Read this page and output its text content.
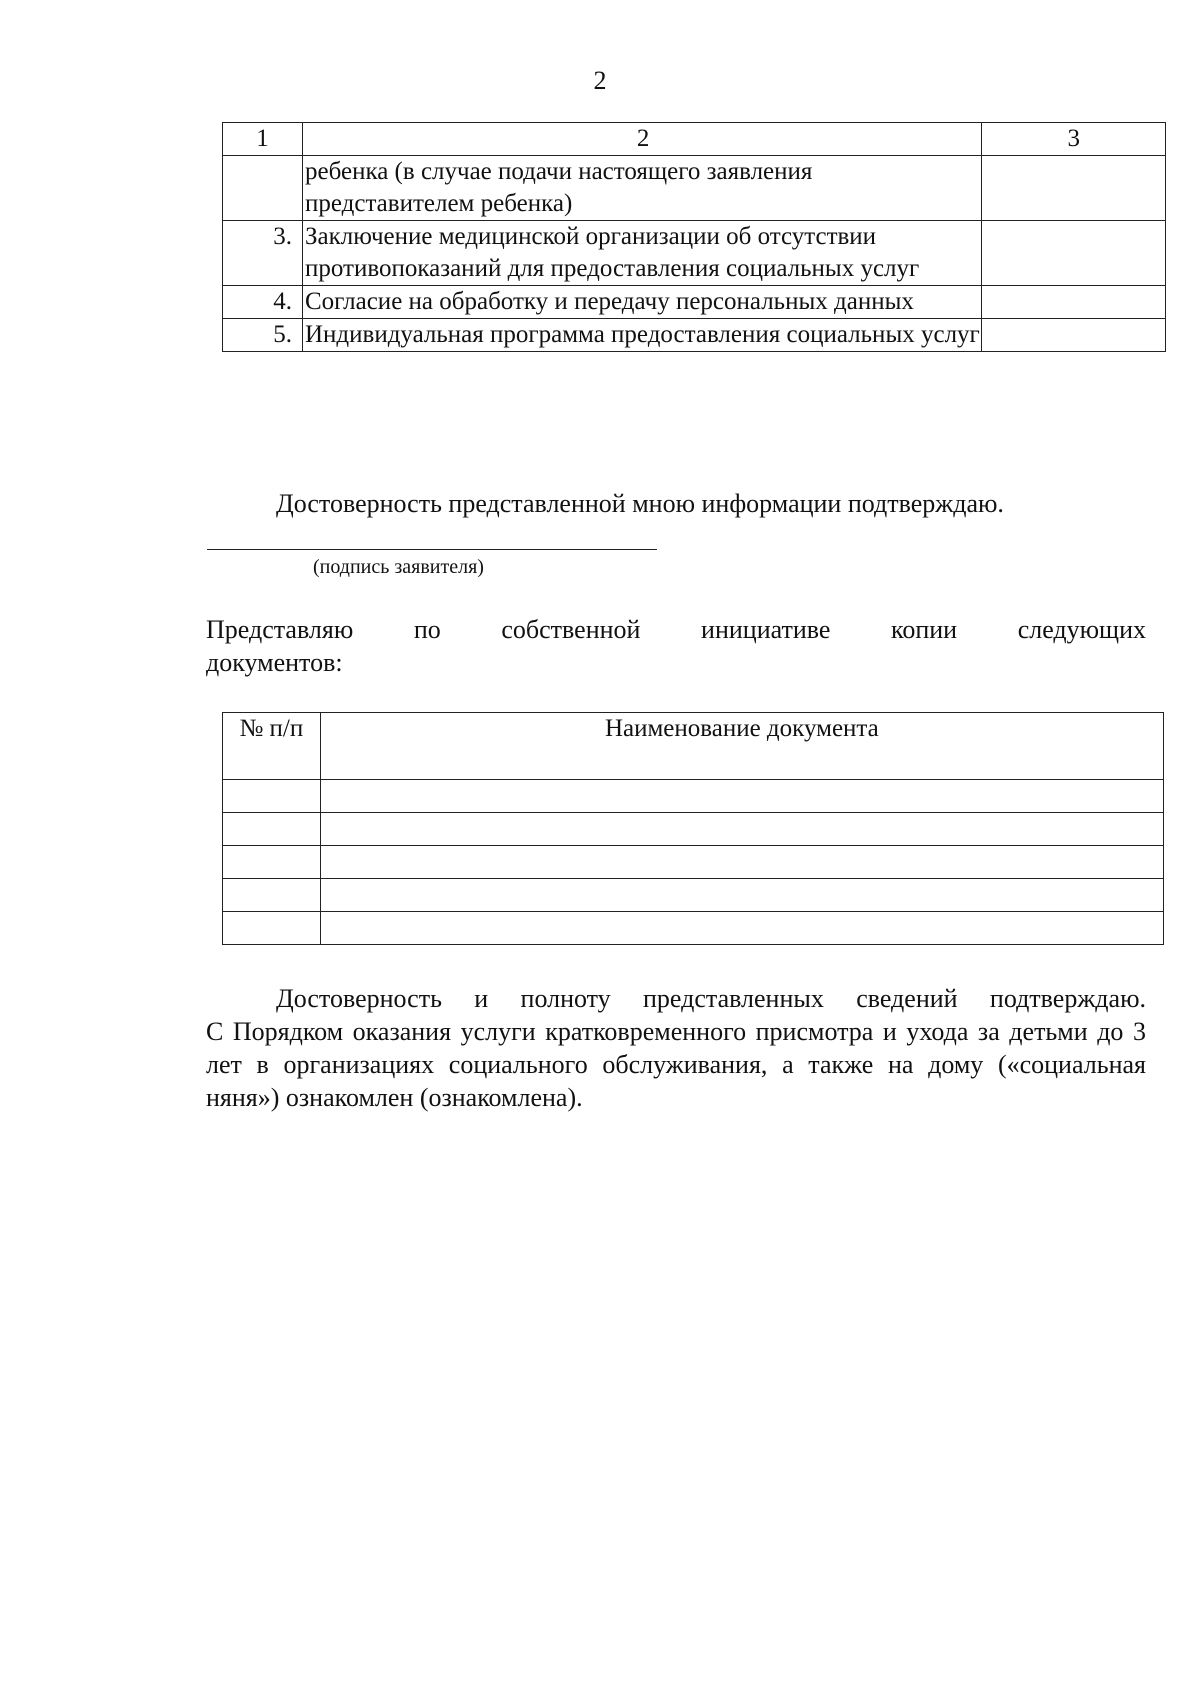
2
1	2	3
	ребенка (в случае подачи настоящего заявления представителем ребенка)	
3.	Заключение медицинской организации об отсутствии противопоказаний для предоставления социальных услуг	
4.	Согласие на обработку и передачу персональных данных	
5.	Индивидуальная программа предоставления социальных услуг	
Достоверность представленной мною информации подтверждаю.
(подпись заявителя)
Представляю по собственной инициативе копии следующих
документов:
№ п/п	Наименование документа

Достоверность и полноту представленных сведений подтверждаю.
С Порядком оказания услуги кратковременного присмотра и ухода за детьми до 3 лет в организациях социального обслуживания, а также на дому («социальная няня») ознакомлен (ознакомлена).
